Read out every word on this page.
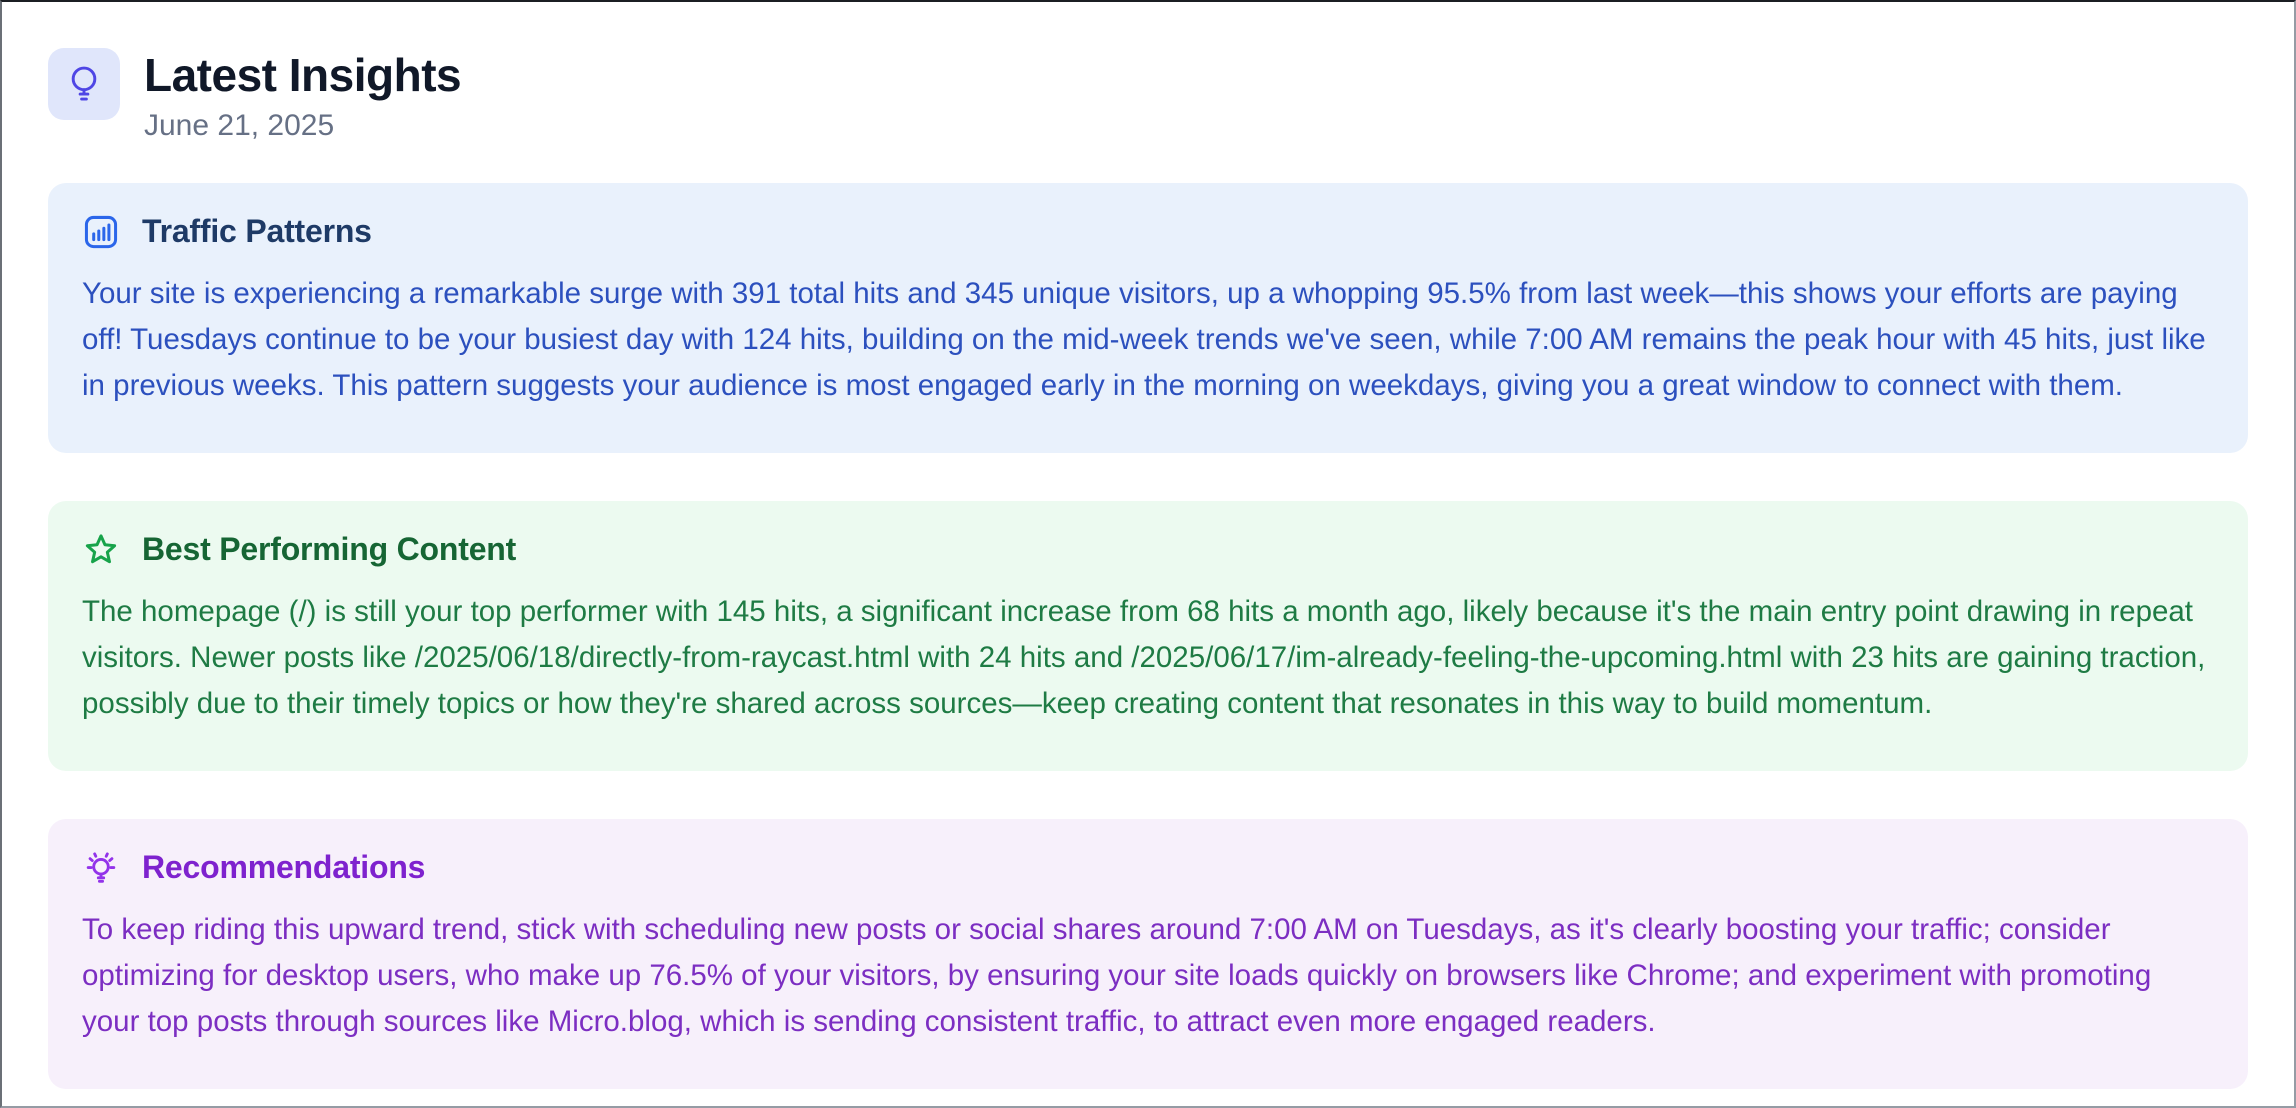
Latest Insights
June 21, 2025
Traffic Patterns

Your site is experiencing a remarkable surge with 391 total hits and 345 unique visitors, up a whopping 95.5% from last week—this shows your efforts are paying off! Tuesdays continue to be your busiest day with 124 hits, building on the mid-week trends we've seen, while 7:00 AM remains the peak hour with 45 hits, just like in previous weeks. This pattern suggests your audience is most engaged early in the morning on weekdays, giving you a great window to connect with them.

Best Performing Content

The homepage (/) is still your top performer with 145 hits, a significant increase from 68 hits a month ago, likely because it's the main entry point drawing in repeat visitors. Newer posts like /2025/06/18/directly-from-raycast.html with 24 hits and /2025/06/17/im-already-feeling-the-upcoming.html with 23 hits are gaining traction, possibly due to their timely topics or how they're shared across sources—keep creating content that resonates in this way to build momentum.

Recommendations

To keep riding this upward trend, stick with scheduling new posts or social shares around 7:00 AM on Tuesdays, as it's clearly boosting your traffic; consider optimizing for desktop users, who make up 76.5% of your visitors, by ensuring your site loads quickly on browsers like Chrome; and experiment with promoting your top posts through sources like Micro.blog, which is sending consistent traffic, to attract even more engaged readers.
